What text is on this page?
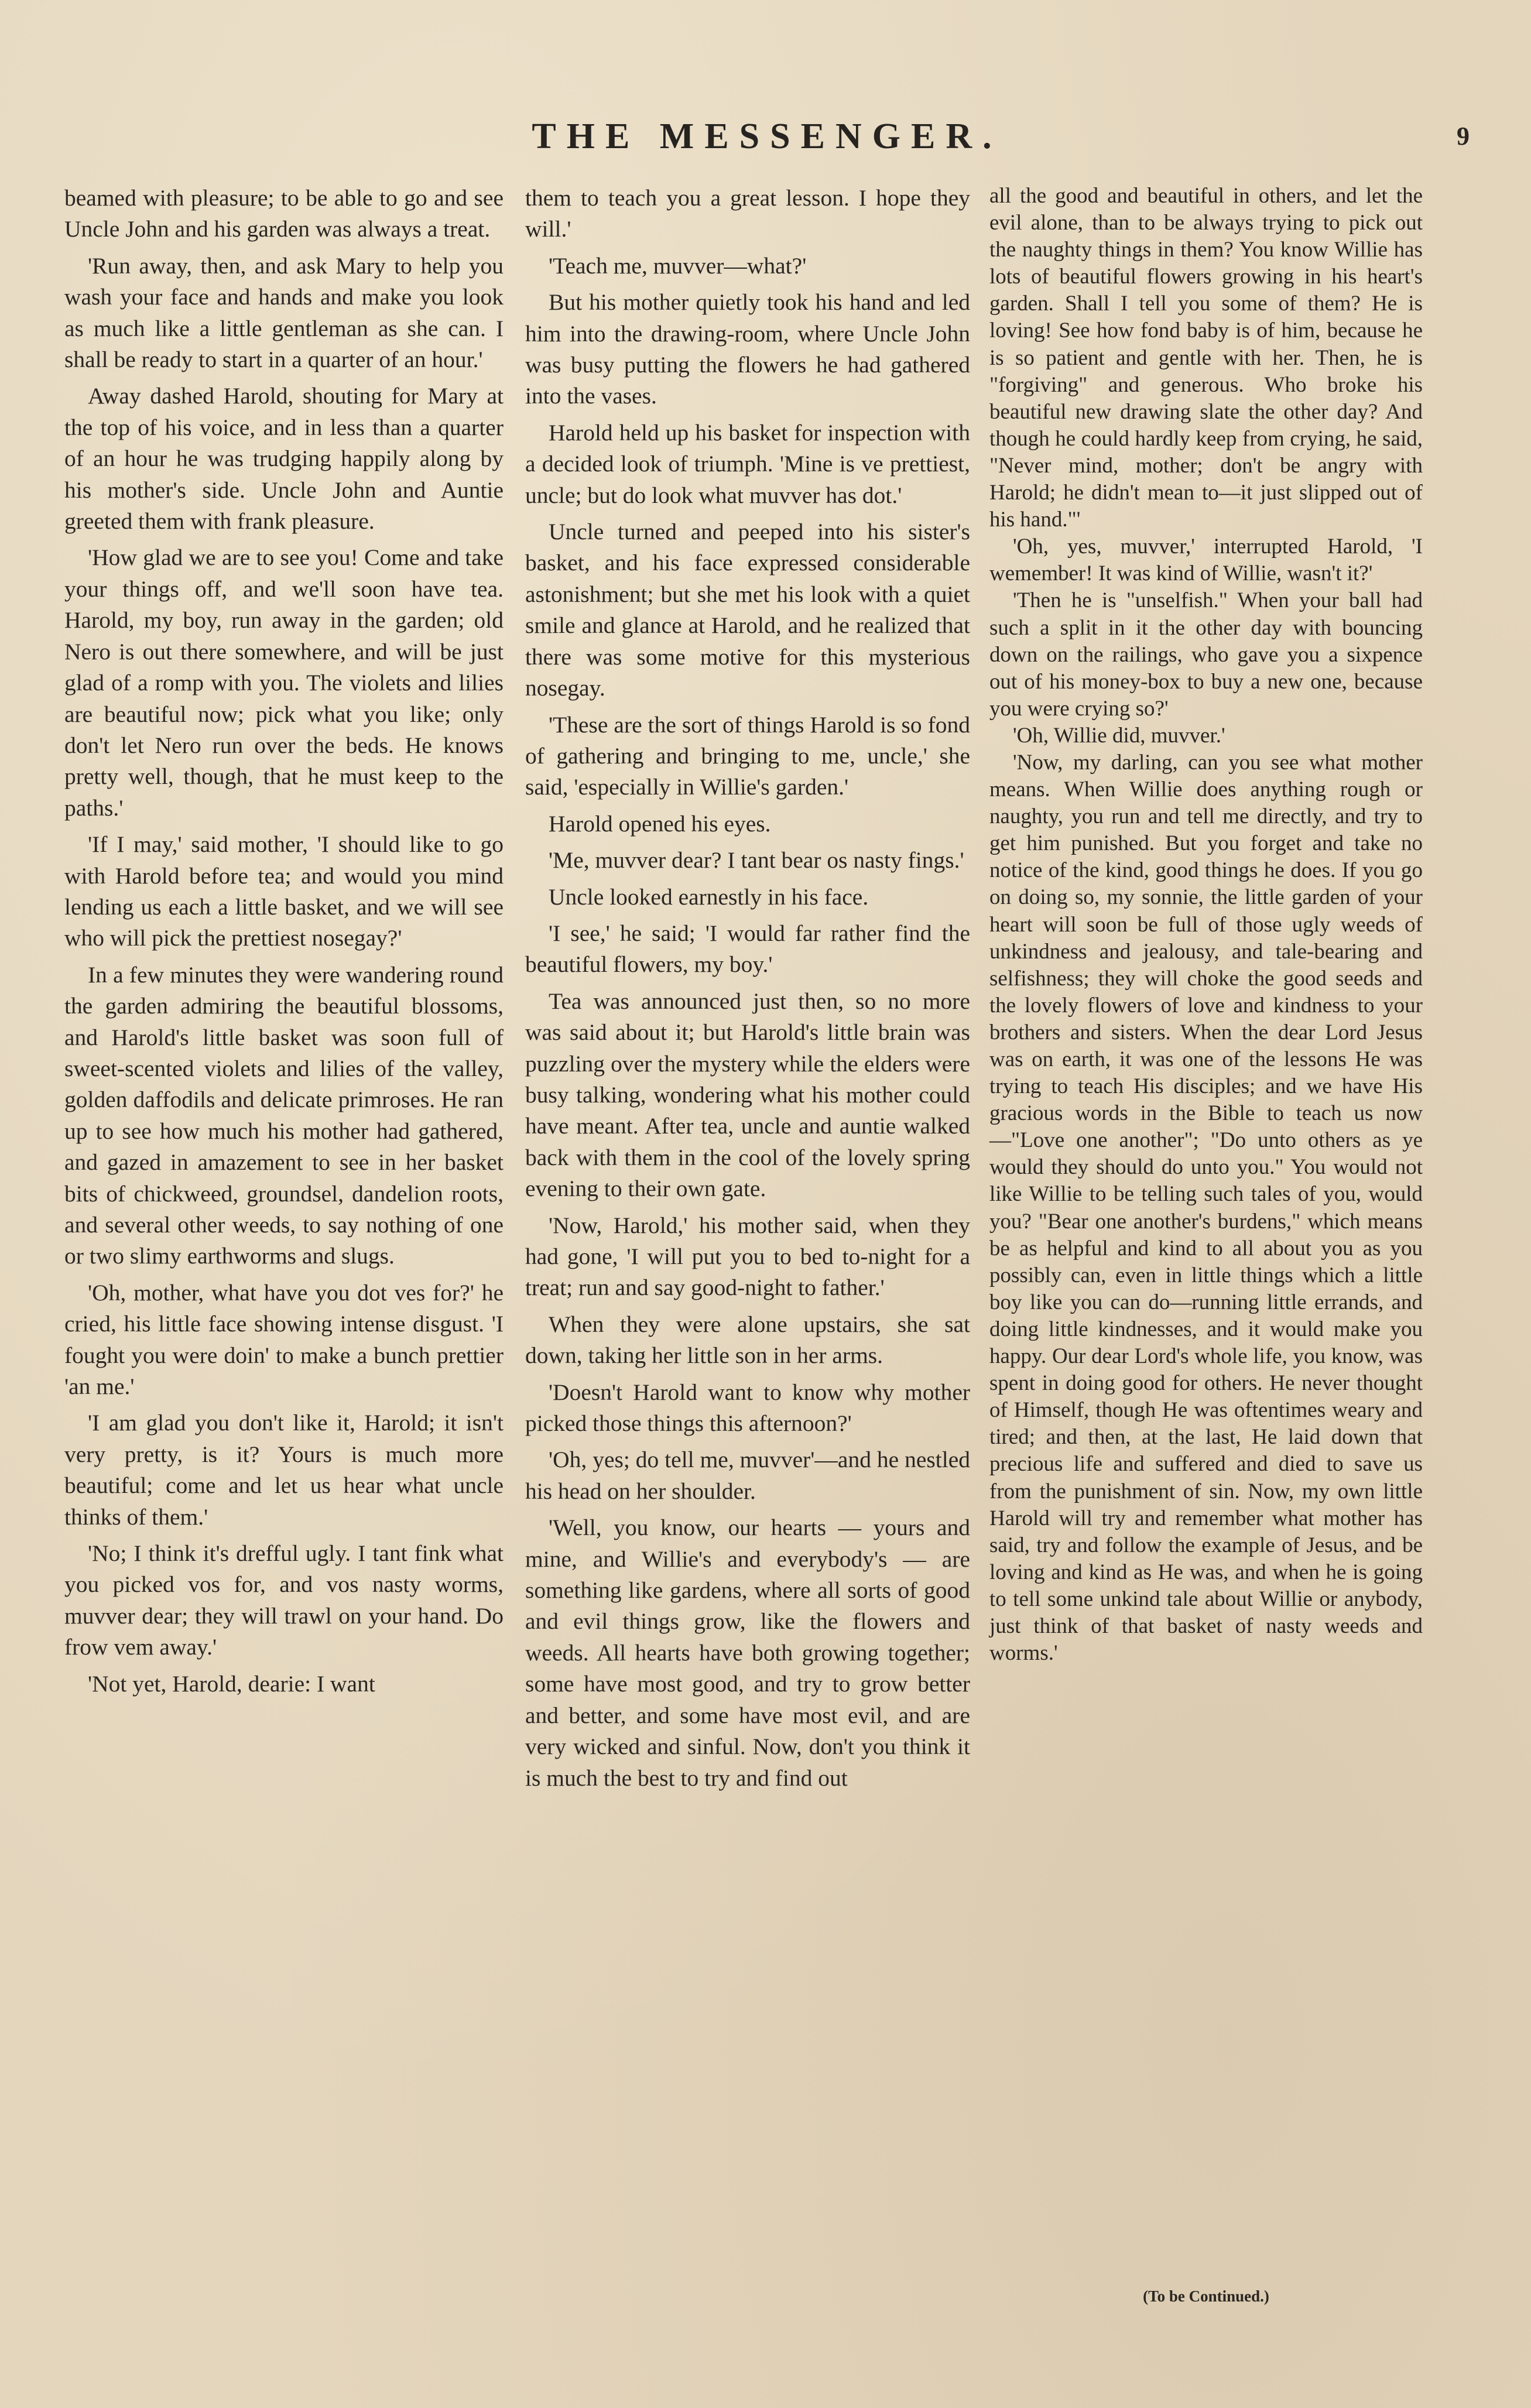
THE MESSENGER.	9

beamed with pleasure; to be able to go and see Uncle John and his garden was always a treat.

'Run away, then, and ask Mary to help you wash your face and hands and make you look as much like a little gentleman as she can. I shall be ready to start in a quarter of an hour.'

Away dashed Harold, shouting for Mary at the top of his voice, and in less than a quarter of an hour he was trudging happily along by his mother's side. Uncle John and Auntie greeted them with frank pleasure.

'How glad we are to see you! Come and take your things off, and we'll soon have tea. Harold, my boy, run away in the garden; old Nero is out there somewhere, and will be just glad of a romp with you. The violets and lilies are beautiful now; pick what you like; only don't let Nero run over the beds. He knows pretty well, though, that he must keep to the paths.'

'If I may,' said mother, 'I should like to go with Harold before tea; and would you mind lending us each a little basket, and we will see who will pick the prettiest nosegay?'

In a few minutes they were wandering round the garden admiring the beautiful blossoms, and Harold's little basket was soon full of sweet-scented violets and lilies of the valley, golden daffodils and delicate primroses. He ran up to see how much his mother had gathered, and gazed in amazement to see in her basket bits of chickweed, groundsel, dandelion roots, and several other weeds, to say nothing of one or two slimy earthworms and slugs.

'Oh, mother, what have you dot ves for?' he cried, his little face showing intense disgust. 'I fought you were doin' to make a bunch prettier 'an me.'

'I am glad you don't like it, Harold; it isn't very pretty, is it? Yours is much more beautiful; come and let us hear what uncle thinks of them.'

'No; I think it's drefful ugly. I tant fink what you picked vos for, and vos nasty worms, muvver dear; they will trawl on your hand. Do frow vem away.'

'Not yet, Harold, dearie: I want

them to teach you a great lesson. I hope they will.'

'Teach me, muvver—what?'

But his mother quietly took his hand and led him into the drawing-room, where Uncle John was busy putting the flowers he had gathered into the vases.

Harold held up his basket for inspection with a decided look of triumph. 'Mine is ve prettiest, uncle; but do look what muvver has dot.'

Uncle turned and peeped into his sister's basket, and his face expressed considerable astonishment; but she met his look with a quiet smile and glance at Harold, and he realized that there was some motive for this mysterious nosegay.

'These are the sort of things Harold is so fond of gathering and bringing to me, uncle,' she said, 'especially in Willie's garden.'

Harold opened his eyes.

'Me, muvver dear? I tant bear os nasty fings.'

Uncle looked earnestly in his face.

'I see,' he said; 'I would far rather find the beautiful flowers, my boy.'

Tea was announced just then, so no more was said about it; but Harold's little brain was puzzling over the mystery while the elders were busy talking, wondering what his mother could have meant. After tea, uncle and auntie walked back with them in the cool of the lovely spring evening to their own gate.

'Now, Harold,' his mother said, when they had gone, 'I will put you to bed to-night for a treat; run and say good-night to father.'

When they were alone upstairs, she sat down, taking her little son in her arms.

'Doesn't Harold want to know why mother picked those things this afternoon?'

'Oh, yes; do tell me, muvver'—and he nestled his head on her shoulder.

'Well, you know, our hearts — yours and mine, and Willie's and everybody's — are something like gardens, where all sorts of good and evil things grow, like the flowers and weeds. All hearts have both growing together; some have most good, and try to grow better and better, and some have most evil, and are very wicked and sinful. Now, don't you think it is much the best to try and find out

all the good and beautiful in others, and let the evil alone, than to be always trying to pick out the naughty things in them? You know Willie has lots of beautiful flowers growing in his heart's garden. Shall I tell you some of them? He is loving! See how fond baby is of him, because he is so patient and gentle with her. Then, he is "forgiving" and generous. Who broke his beautiful new drawing slate the other day? And though he could hardly keep from crying, he said, "Never mind, mother; don't be angry with Harold; he didn't mean to—it just slipped out of his hand."'

'Oh, yes, muvver,' interrupted Harold, 'I wemember! It was kind of Willie, wasn't it?'

'Then he is "unselfish." When your ball had such a split in it the other day with bouncing down on the railings, who gave you a sixpence out of his money-box to buy a new one, because you were crying so?'

'Oh, Willie did, muvver.'

'Now, my darling, can you see what mother means. When Willie does anything rough or naughty, you run and tell me directly, and try to get him punished. But you forget and take no notice of the kind, good things he does. If you go on doing so, my sonnie, the little garden of your heart will soon be full of those ugly weeds of unkindness and jealousy, and tale-bearing and selfishness; they will choke the good seeds and the lovely flowers of love and kindness to your brothers and sisters. When the dear Lord Jesus was on earth, it was one of the lessons He was trying to teach His disciples; and we have His gracious words in the Bible to teach us now—"Love one another"; "Do unto others as ye would they should do unto you." You would not like Willie to be telling such tales of you, would you? "Bear one another's burdens," which means be as helpful and kind to all about you as you possibly can, even in little things which a little boy like you can do—running little errands, and doing little kindnesses, and it would make you happy. Our dear Lord's whole life, you know, was spent in doing good for others. He never thought of Himself, though He was oftentimes weary and tired; and then, at the last, He laid down that precious life and suffered and died to save us from the punishment of sin. Now, my own little Harold will try and remember what mother has said, try and follow the example of Jesus, and be loving and kind as He was, and when he is going to tell some unkind tale about Willie or anybody, just think of that basket of nasty weeds and worms.'

(To be Continued.)
